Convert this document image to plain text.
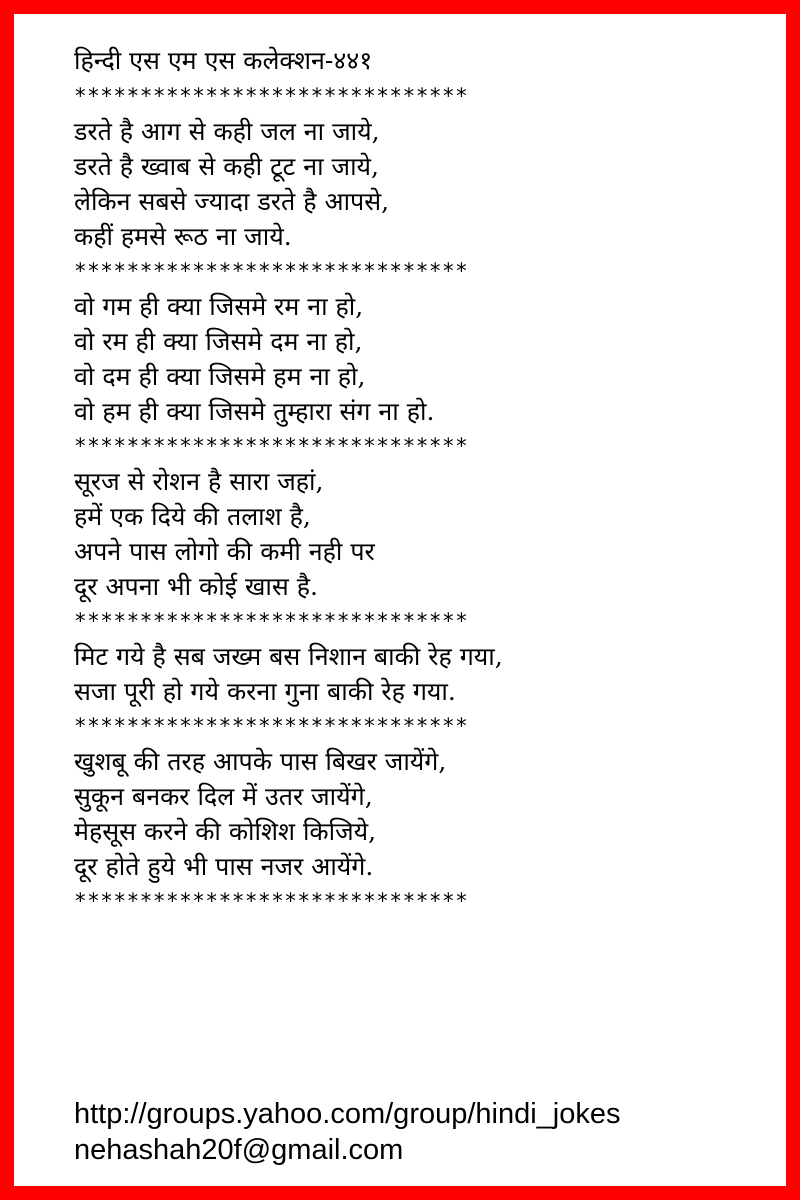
हिन्दी एस एम एस कलेक्शन-४४१
******************************
डरते है आग से कही जल ना जाये,
डरते है ख्वाब से कही टूट ना जाये,
लेकिन सबसे ज्यादा डरते है आपसे,
कहीं हमसे रूठ ना जाये.
******************************
वो गम ही क्या जिसमे रम ना हो,
वो रम ही क्या जिसमे दम ना हो,
वो दम ही क्या जिसमे हम ना हो,
वो हम ही क्या जिसमे तुम्हारा संग ना हो.
******************************
सूरज से रोशन है सारा जहां,
हमें एक दिये की तलाश है,
अपने पास लोगो की कमी नही पर
दूर अपना भी कोई खास है.
******************************
मिट गये है सब जख्म बस निशान बाकी रेह गया,
सजा पूरी हो गये करना गुना बाकी रेह गया.
******************************
खुशबू की तरह आपके पास बिखर जायेंगे,
सुकून बनकर दिल में उतर जायेंगे,
मेहसूस करने की कोशिश किजिये,
दूर होते हुये भी पास नजर आयेंगे.
******************************
http://groups.yahoo.com/group/hindi_jokes
nehashah20f@gmail.com
